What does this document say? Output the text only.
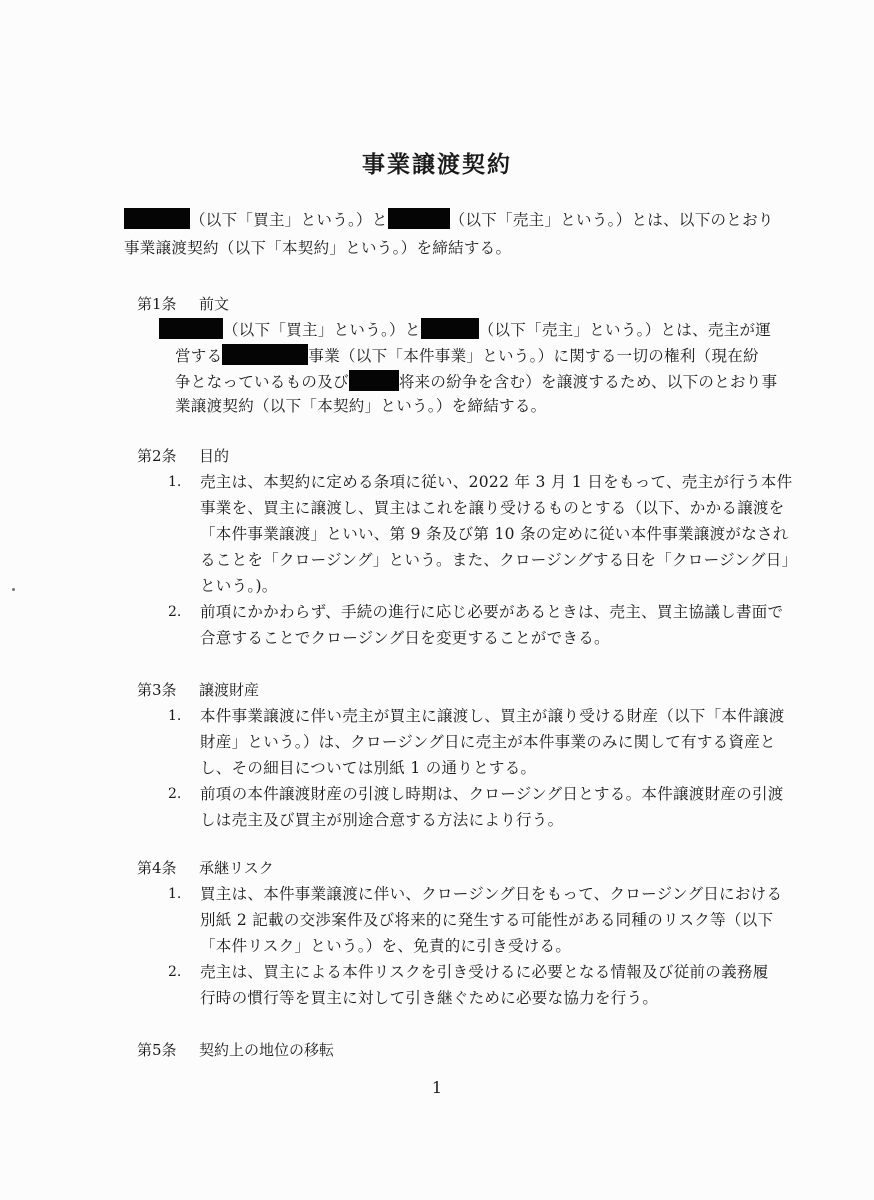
事業譲渡契約
（以下「買主」という。）と	（以下「売主」という。）とは、以下のとおり
事業譲渡契約（以下「本契約」という。）を締結する。
第1条 前文
（以下「買主」という。）と	（以下「売主」という。）とは、売主が運
営する	事業（以下「本件事業」という。）に関する一切の権利（現在紛
争となっているもの及び	将来の紛争を含む）を譲渡するため、以下のとおり事
業譲渡契約（以下「本契約」という。）を締結する。
第2条 目的
1. 売主は、本契約に定める条項に従い、2022 年 3 月 1 日をもって、売主が行う本件
事業を、買主に譲渡し、買主はこれを譲り受けるものとする（以下、かかる譲渡を
「本件事業譲渡」といい、第 9 条及び第 10 条の定めに従い本件事業譲渡がなされ
ることを「クロージング」という。また、クロージングする日を「クロージング日」
という。)。
2. 前項にかかわらず、手続の進行に応じ必要があるときは、売主、買主協議し書面で
合意することでクロージング日を変更することができる。
第3条 譲渡財産
1. 本件事業譲渡に伴い売主が買主に譲渡し、買主が譲り受ける財産（以下「本件譲渡
財産」という。）は、クロージング日に売主が本件事業のみに関して有する資産と
し、その細目については別紙 1 の通りとする。
2. 前項の本件譲渡財産の引渡し時期は、クロージング日とする。本件譲渡財産の引渡
しは売主及び買主が別途合意する方法により行う。
第4条 承継リスク
1. 買主は、本件事業譲渡に伴い、クロージング日をもって、クロージング日における
別紙 2 記載の交渉案件及び将来的に発生する可能性がある同種のリスク等（以下
「本件リスク」という。）を、免責的に引き受ける。
2. 売主は、買主による本件リスクを引き受けるに必要となる情報及び従前の義務履
行時の慣行等を買主に対して引き継ぐために必要な協力を行う。
第5条 契約上の地位の移転
1
